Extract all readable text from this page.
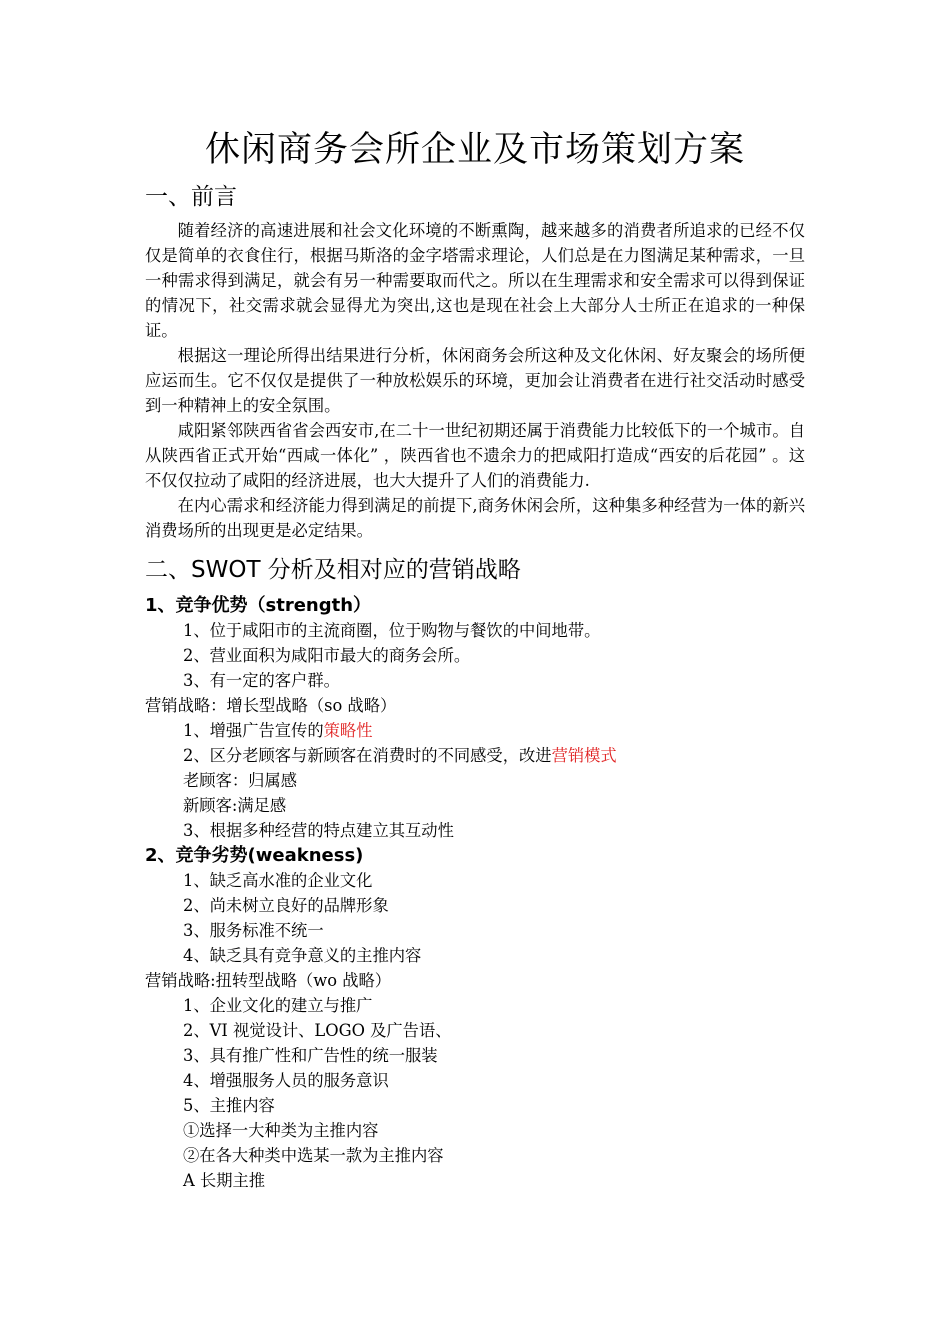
休闲商务会所企业及市场策划方案
一、前言

随着经济的高速进展和社会文化环境的不断熏陶，越来越多的消费者所追求的已经不仅仅是简单的衣食住行，根据马斯洛的金字塔需求理论，人们总是在力图满足某种需求，一旦一种需求得到满足，就会有另一种需要取而代之。所以在生理需求和安全需求可以得到保证的情况下，社交需求就会显得尤为突出,这也是现在社会上大部分人士所正在追求的一种保证。

根据这一理论所得出结果进行分析，休闲商务会所这种及文化休闲、好友聚会的场所便应运而生。它不仅仅是提供了一种放松娱乐的环境，更加会让消费者在进行社交活动时感受到一种精神上的安全氛围。

咸阳紧邻陕西省省会西安市,在二十一世纪初期还属于消费能力比较低下的一个城市。自从陕西省正式开始“西咸一体化” ，陕西省也不遗余力的把咸阳打造成“西安的后花园” 。这不仅仅拉动了咸阳的经济进展，也大大提升了人们的消费能力.

在内心需求和经济能力得到满足的前提下,商务休闲会所，这种集多种经营为一体的新兴消费场所的出现更是必定结果。

二、SWOT 分析及相对应的营销战略
1、竞争优势（strength）

1、位于咸阳市的主流商圈，位于购物与餐饮的中间地带。

2、营业面积为咸阳市最大的商务会所。

3、有一定的客户群。

营销战略：增长型战略（so 战略）

1、增强广告宣传的策略性

2、区分老顾客与新顾客在消费时的不同感受，改进营销模式

老顾客：归属感

新顾客:满足感

3、根据多种经营的特点建立其互动性

2、竞争劣势(weakness)

1、缺乏高水准的企业文化

2、尚未树立良好的品牌形象

3、服务标准不统一

4、缺乏具有竞争意义的主推内容

营销战略:扭转型战略（wo 战略）

1、企业文化的建立与推广

2、VI 视觉设计、LOGO 及广告语、

3、具有推广性和广告性的统一服装

4、增强服务人员的服务意识

5、主推内容

①选择一大种类为主推内容

②在各大种类中选某一款为主推内容

A 长期主推
